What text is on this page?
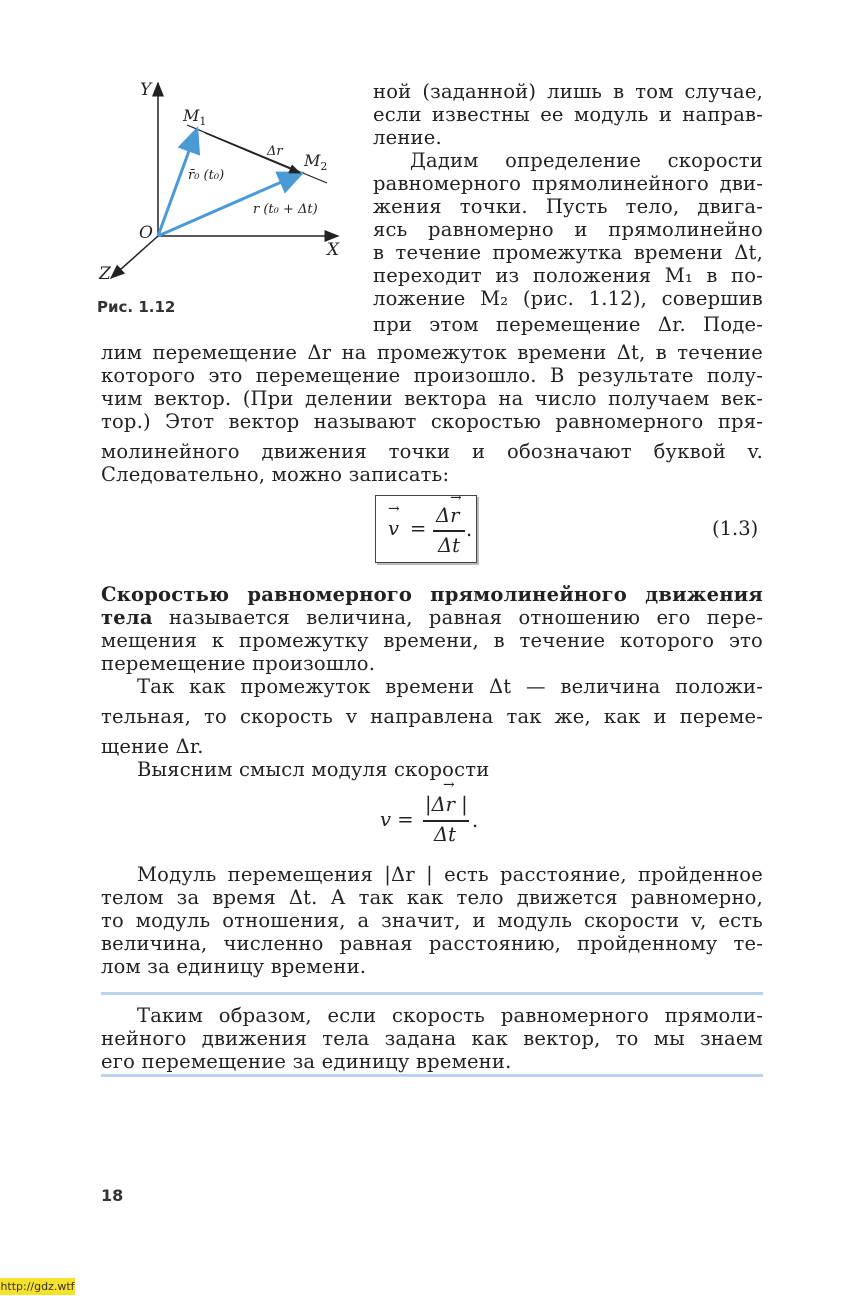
Y
X
Z
O
$M_1$
$M_2$
r̄₀ (t₀)
Δr
r (t₀ + Δt)
Рис. 1.12
ной (заданной) лишь в том случае,
если известны ее модуль и направ-
ление.
Дадим определение скорости
равномерного прямолинейного дви-
жения точки. Пусть тело, двига-
ясь равномерно и прямолинейно
в течение промежутка времени Δt,
переходит из положения M₁ в по-
ложение M₂ (рис. 1.12), совершив
при этом перемещение Δr. Поде-
лим перемещение Δr на промежуток времени Δt, в течение
которого это перемещение произошло. В результате полу-
чим вектор. (При делении вектора на число получаем век-
тор.) Этот вектор называют скоростью равномерного пря-
молинейного движения точки и обозначают буквой v.
Следовательно, можно записать:
v
→
=
Δr
→
Δt
.	(1.3)
Скоростью равномерного прямолинейного движения
тела называется величина, равная отношению его пере-
мещения к промежутку времени, в течение которого это
перемещение произошло.
Так как промежуток времени Δt — величина положи-
тельная, то скорость v направлена так же, как и переме-
щение Δr.
Выясним смысл модуля скорости
v =
|Δr |
→
Δt
.
Модуль перемещения |Δr | есть расстояние, пройденное
телом за время Δt. А так как тело движется равномерно,
то модуль отношения, а значит, и модуль скорости v, есть
величина, численно равная расстоянию, пройденному те-
лом за единицу времени.
Таким образом, если скорость равномерного прямоли-
нейного движения тела задана как вектор, то мы знаем
его перемещение за единицу времени.
18
http://gdz.wtf
